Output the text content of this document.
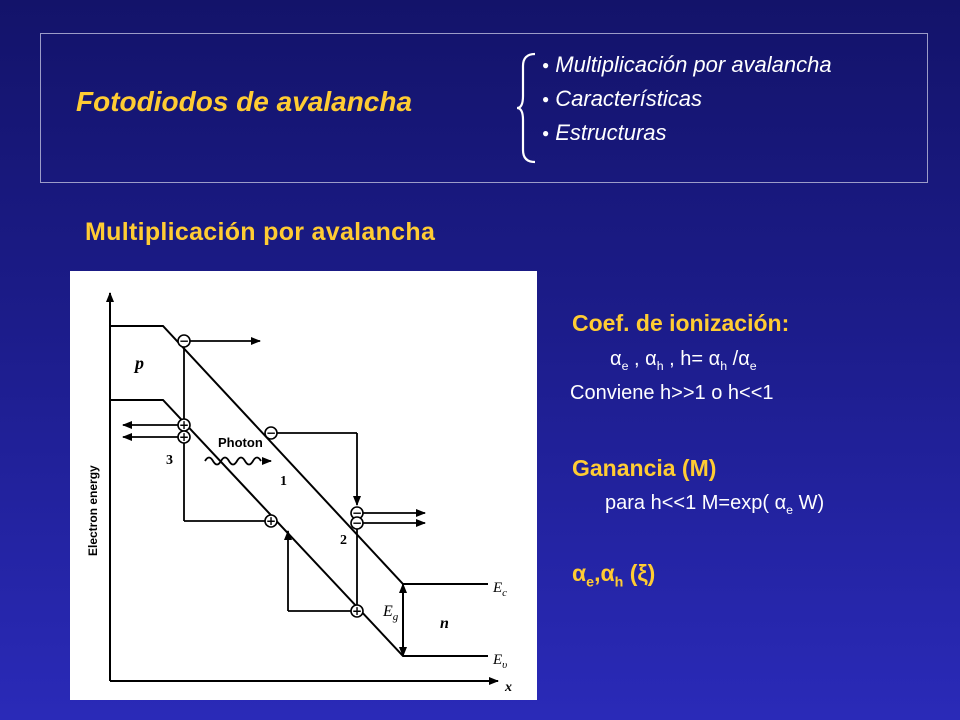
Fotodiodos de avalancha
● Multiplicación por avalancha
● Características
● Estructuras
Multiplicación por avalancha
−
−
−
−
+
+
+
+
p
n
Photon
1
2
3
$E_g$
$E_c$
$E_\upsilon$
x
Electron energy
Coef. de ionización:
$\alpha_e$ , $\alpha_h$ , $h= \alpha_h$ $/\alpha_e$
Conviene h>>1 o h<<1
Ganancia (M)
para h<<1 M=exp( $\alpha_e$ W)
$\alpha_e,\alpha_h$ (ξ)
